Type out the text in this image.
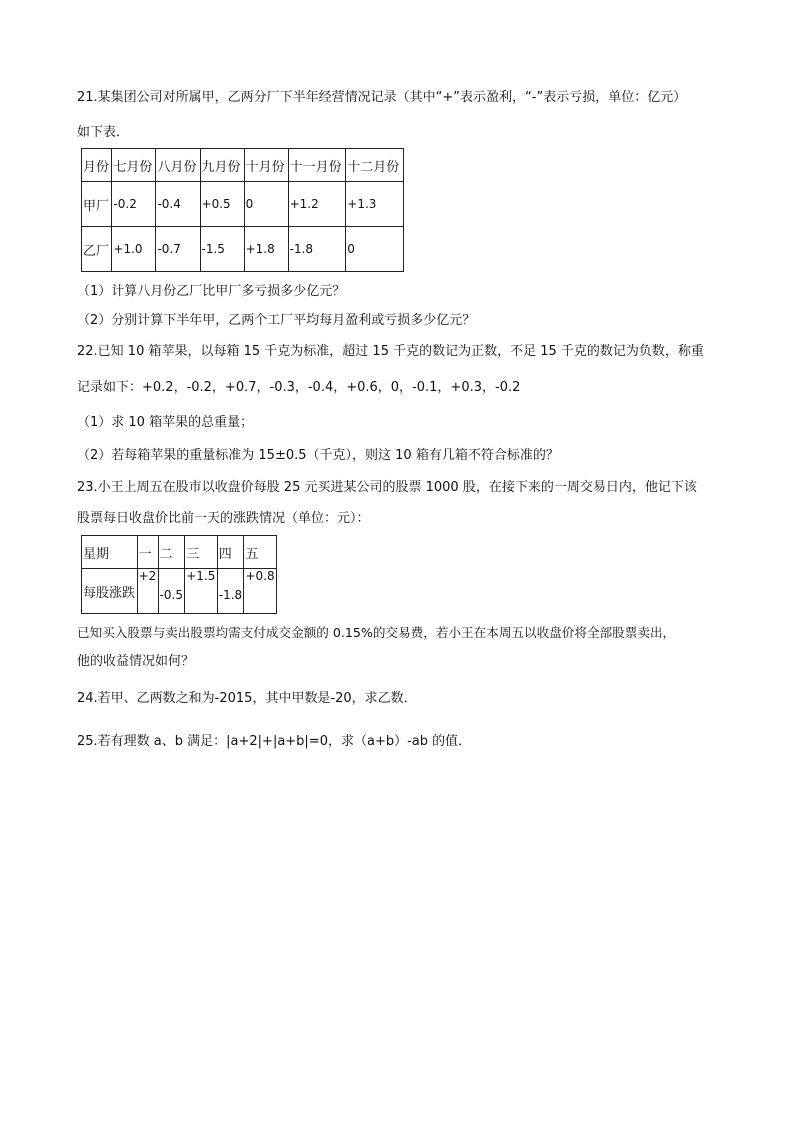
21.某集团公司对所属甲，乙两分厂下半年经营情况记录（其中“+”表示盈利，“-”表示亏损，单位：亿元）
如下表．
月份	七月份	八月份	九月份	十月份	十一月份	十二月份
甲厂	-0.2	-0.4	+0.5	0	+1.2	+1.3
乙厂	+1.0	-0.7	-1.5	+1.8	-1.8	0
（1）计算八月份乙厂比甲厂多亏损多少亿元？
（2）分别计算下半年甲，乙两个工厂平均每月盈利或亏损多少亿元？
22.已知 10 箱苹果，以每箱 15 千克为标准，超过 15 千克的数记为正数，不足 15 千克的数记为负数，称重
记录如下：+0.2，-0.2，+0.7，-0.3，-0.4，+0.6，0，-0.1，+0.3，-0.2
（1）求 10 箱苹果的总重量；
（2）若每箱苹果的重量标准为 15±0.5（千克），则这 10 箱有几箱不符合标准的？
23.小王上周五在股市以收盘价每股 25 元买进某公司的股票 1000 股，在接下来的一周交易日内，他记下该
股票每日收盘价比前一天的涨跌情况（单位：元）：
星期	一	二	三	四	五
每股涨跌	+2	-0.5	+1.5	-1.8	+0.8
已知买入股票与卖出股票均需支付成交金额的 0.15%的交易费，若小王在本周五以收盘价将全部股票卖出，
他的收益情况如何？
24.若甲、乙两数之和为-2015，其中甲数是-20，求乙数．
25.若有理数 a、b 满足：|a+2|+|a+b|=0，求（a+b）-ab 的值．
